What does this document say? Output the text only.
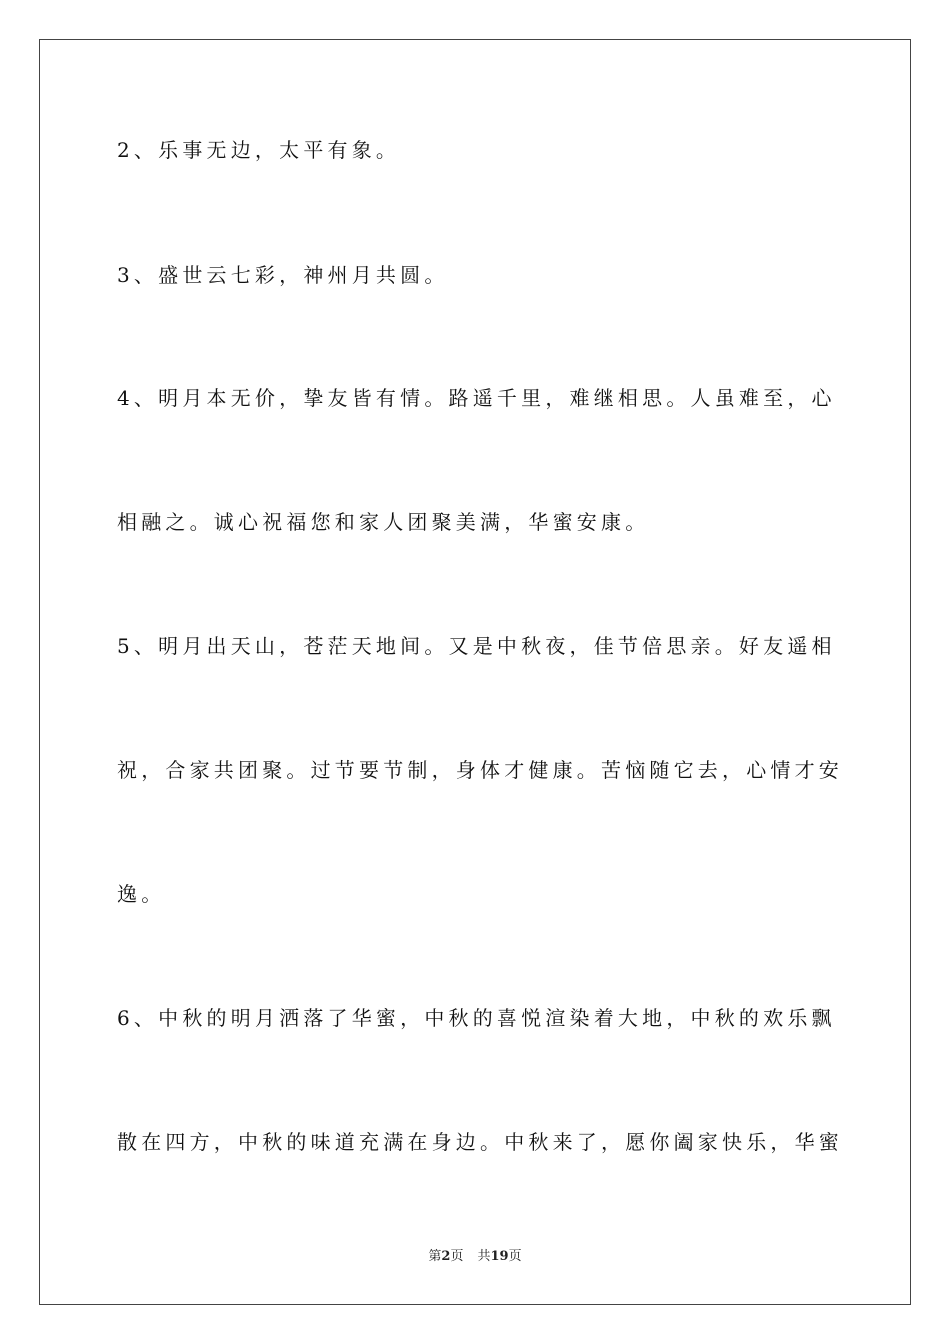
2、乐事无边，太平有象。
3、盛世云七彩，神州月共圆。
4、明月本无价，挚友皆有情。路遥千里，难继相思。人虽难至，心
相融之。诚心祝福您和家人团聚美满，华蜜安康。
5、明月出天山，苍茫天地间。又是中秋夜，佳节倍思亲。好友遥相
祝，合家共团聚。过节要节制，身体才健康。苦恼随它去，心情才安
逸。
6、中秋的明月洒落了华蜜，中秋的喜悦渲染着大地，中秋的欢乐飘
散在四方，中秋的味道充满在身边。中秋来了，愿你阖家快乐，华蜜
第2页 共19页
